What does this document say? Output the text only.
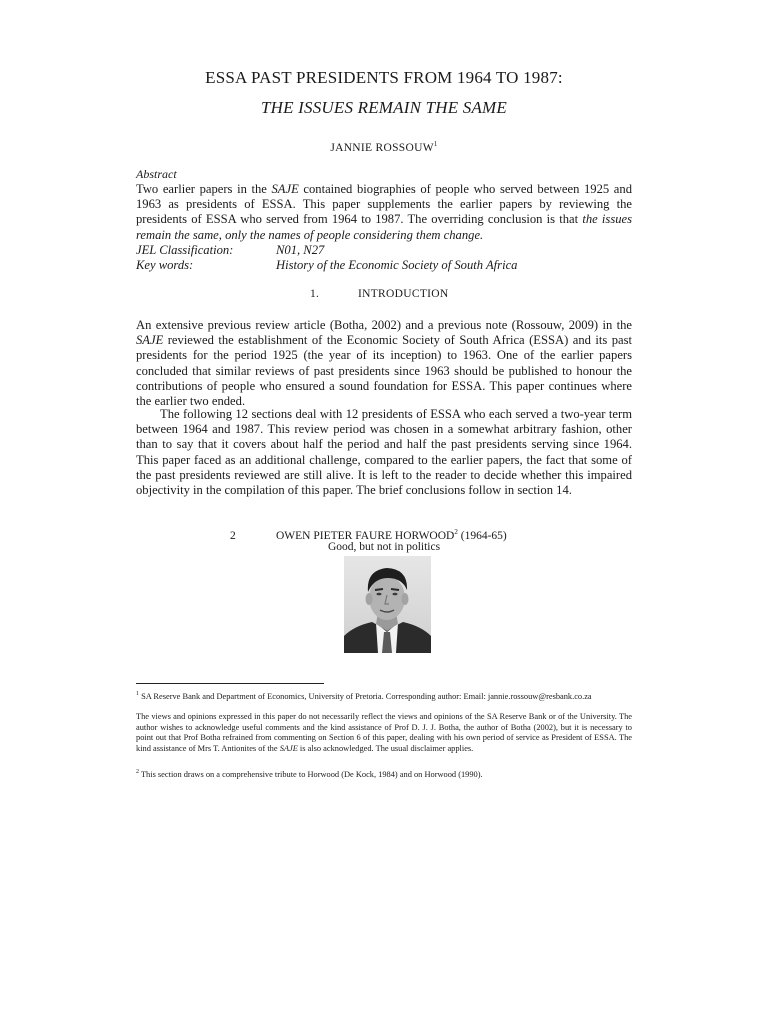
ESSA PAST PRESIDENTS FROM 1964 TO 1987:
THE ISSUES REMAIN THE SAME
JANNIE ROSSOUW$^1$
Abstract
Two earlier papers in the SAJE contained biographies of people who served between 1925 and 1963 as presidents of ESSA. This paper supplements the earlier papers by reviewing the presidents of ESSA who served from 1964 to 1987. The overriding conclusion is that the issues remain the same, only the names of people considering them change.
JEL Classification:	N01, N27
Key words:	History of the Economic Society of South Africa
1.	INTRODUCTION
An extensive previous review article (Botha, 2002) and a previous note (Rossouw, 2009) in the SAJE reviewed the establishment of the Economic Society of South Africa (ESSA) and its past presidents for the period 1925 (the year of its inception) to 1963. One of the earlier papers concluded that similar reviews of past presidents since 1963 should be published to honour the contributions of people who ensured a sound foundation for ESSA. This paper continues where the earlier two ended.
The following 12 sections deal with 12 presidents of ESSA who each served a two-year term between 1964 and 1987. This review period was chosen in a somewhat arbitrary fashion, other than to say that it covers about half the period and half the past presidents serving since 1964. This paper faced as an additional challenge, compared to the earlier papers, the fact that some of the past presidents reviewed are still alive. It is left to the reader to decide whether this impaired objectivity in the compilation of this paper. The brief conclusions follow in section 14.
2	OWEN PIETER FAURE HORWOOD$^2$ (1964-65)
Good, but not in politics
$^1$ SA Reserve Bank and Department of Economics, University of Pretoria. Corresponding author: Email: jannie.rossouw@resbank.co.za
The views and opinions expressed in this paper do not necessarily reflect the views and opinions of the SA Reserve Bank or of the University. The author wishes to acknowledge useful comments and the kind assistance of Prof D. J. J. Botha, the author of Botha (2002), but it is necessary to point out that Prof Botha refrained from commenting on Section 6 of this paper, dealing with his own period of service as President of ESSA. The kind assistance of Mrs T. Antionites of the SAJE is also acknowledged. The usual disclaimer applies.
$^2$ This section draws on a comprehensive tribute to Horwood (De Kock, 1984) and on Horwood (1990).
